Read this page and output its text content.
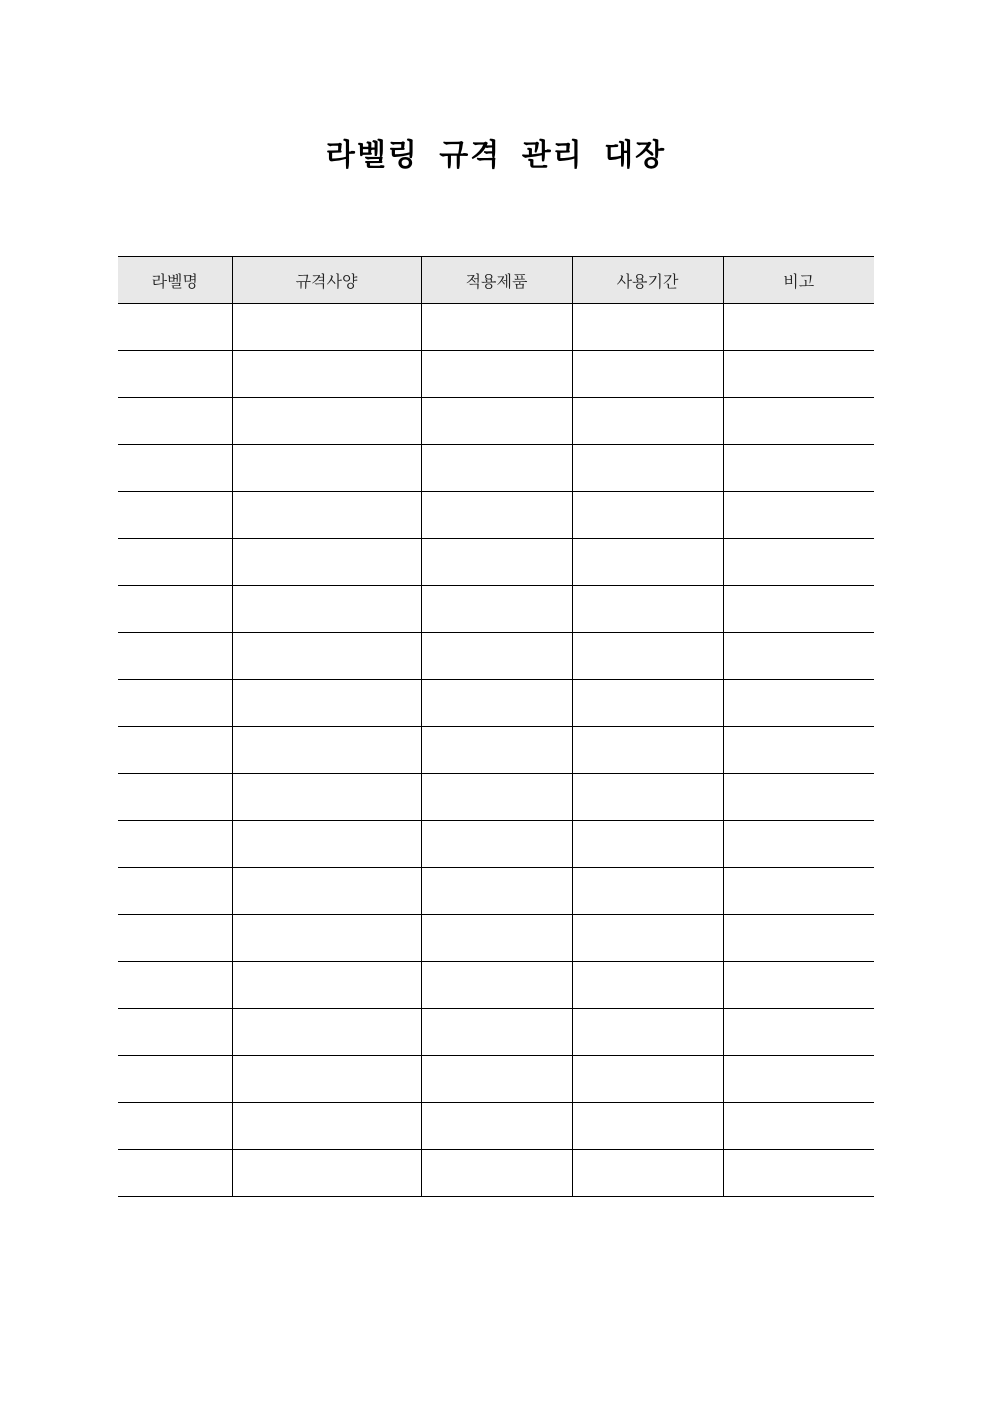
라벨링 규격 관리 대장
라벨명	규격사양	적용제품	사용기간	비고
